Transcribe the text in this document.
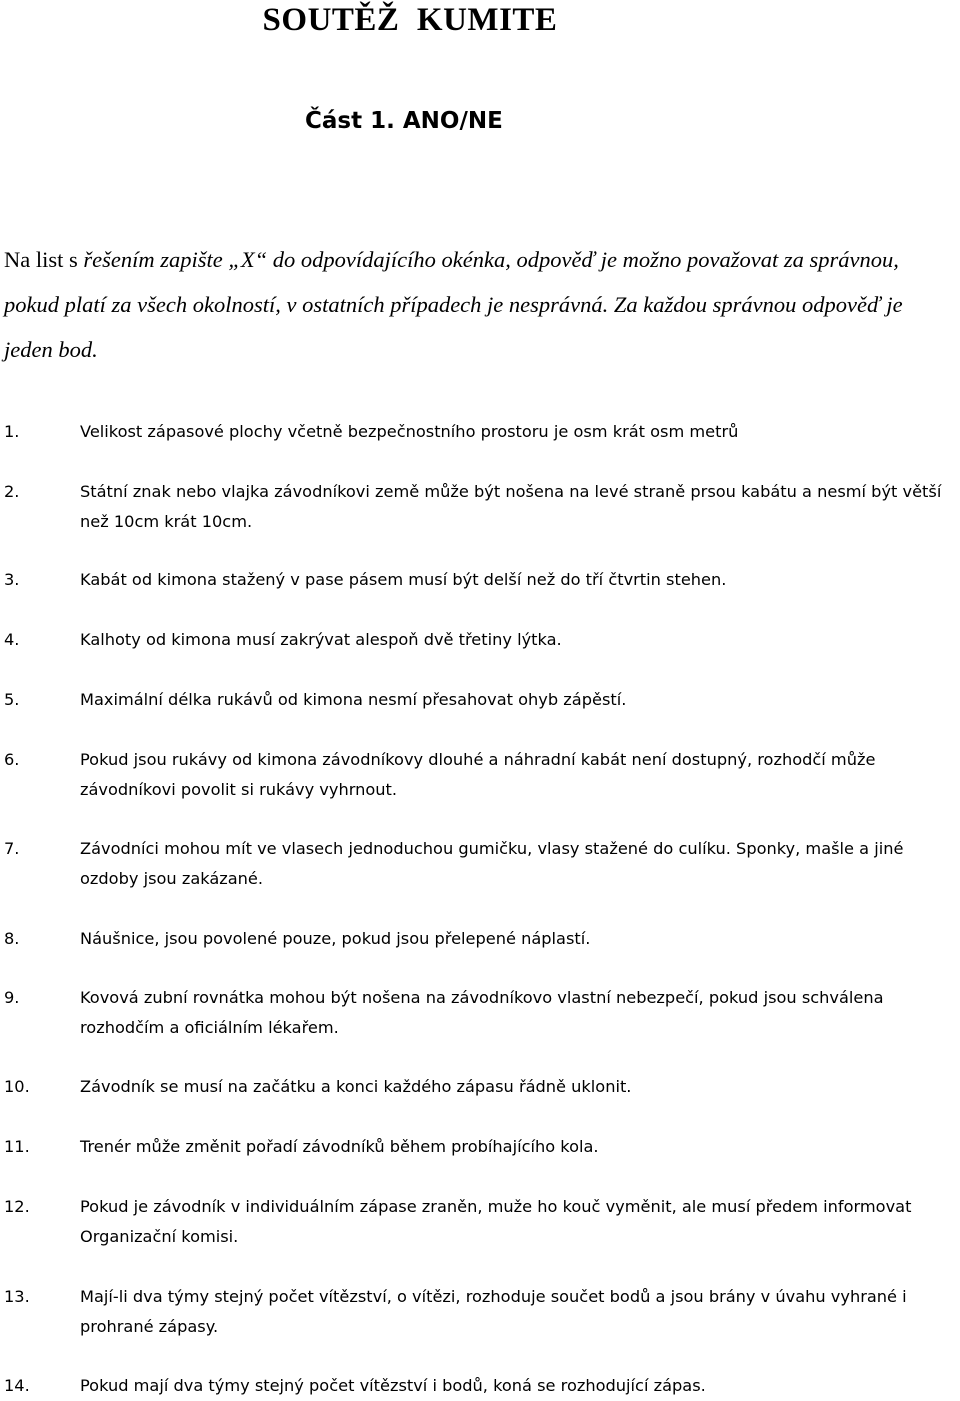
SOUTĚŽ  KUMITE
Část 1. ANO/NE
Na list s řešením zapište „X“ do odpovídajícího okénka, odpověď je možno považovat za správnou, pokud platí za všech okolností, v ostatních případech je nesprávná. Za každou správnou odpověď je jeden bod.
1.	Velikost zápasové plochy včetně bezpečnostního prostoru je osm krát osm metrů
2.	Státní znak nebo vlajka závodníkovi země může být nošena na levé straně prsou kabátu a nesmí být větší než 10cm krát 10cm.
3.	Kabát od kimona stažený v pase pásem musí být delší než do tří čtvrtin stehen.
4.	Kalhoty od kimona musí zakrývat alespoň dvě třetiny lýtka.
5.	Maximální délka rukávů od kimona nesmí přesahovat ohyb zápěstí.
6.	Pokud jsou rukávy od kimona závodníkovy dlouhé a náhradní kabát není dostupný, rozhodčí může závodníkovi povolit si rukávy vyhrnout.
7.	Závodníci mohou mít ve vlasech jednoduchou gumičku, vlasy stažené do culíku. Sponky, mašle a jiné ozdoby jsou zakázané.
8.	Náušnice, jsou povolené pouze, pokud jsou přelepené náplastí.
9.	Kovová zubní rovnátka mohou být nošena na závodníkovo vlastní nebezpečí, pokud jsou schválena rozhodčím a oficiálním lékařem.
10.	Závodník se musí na začátku a konci každého zápasu řádně uklonit.
11.	Trenér může změnit pořadí závodníků během probíhajícího kola.
12.	Pokud je závodník v individuálním zápase zraněn, muže ho kouč vyměnit, ale musí předem informovat Organizační komisi.
13.	Mají-li dva týmy stejný počet vítězství, o vítězi, rozhoduje součet bodů a jsou brány v úvahu vyhrané i prohrané zápasy.
14.	Pokud mají dva týmy stejný počet vítězství i bodů, koná se rozhodující zápas.
